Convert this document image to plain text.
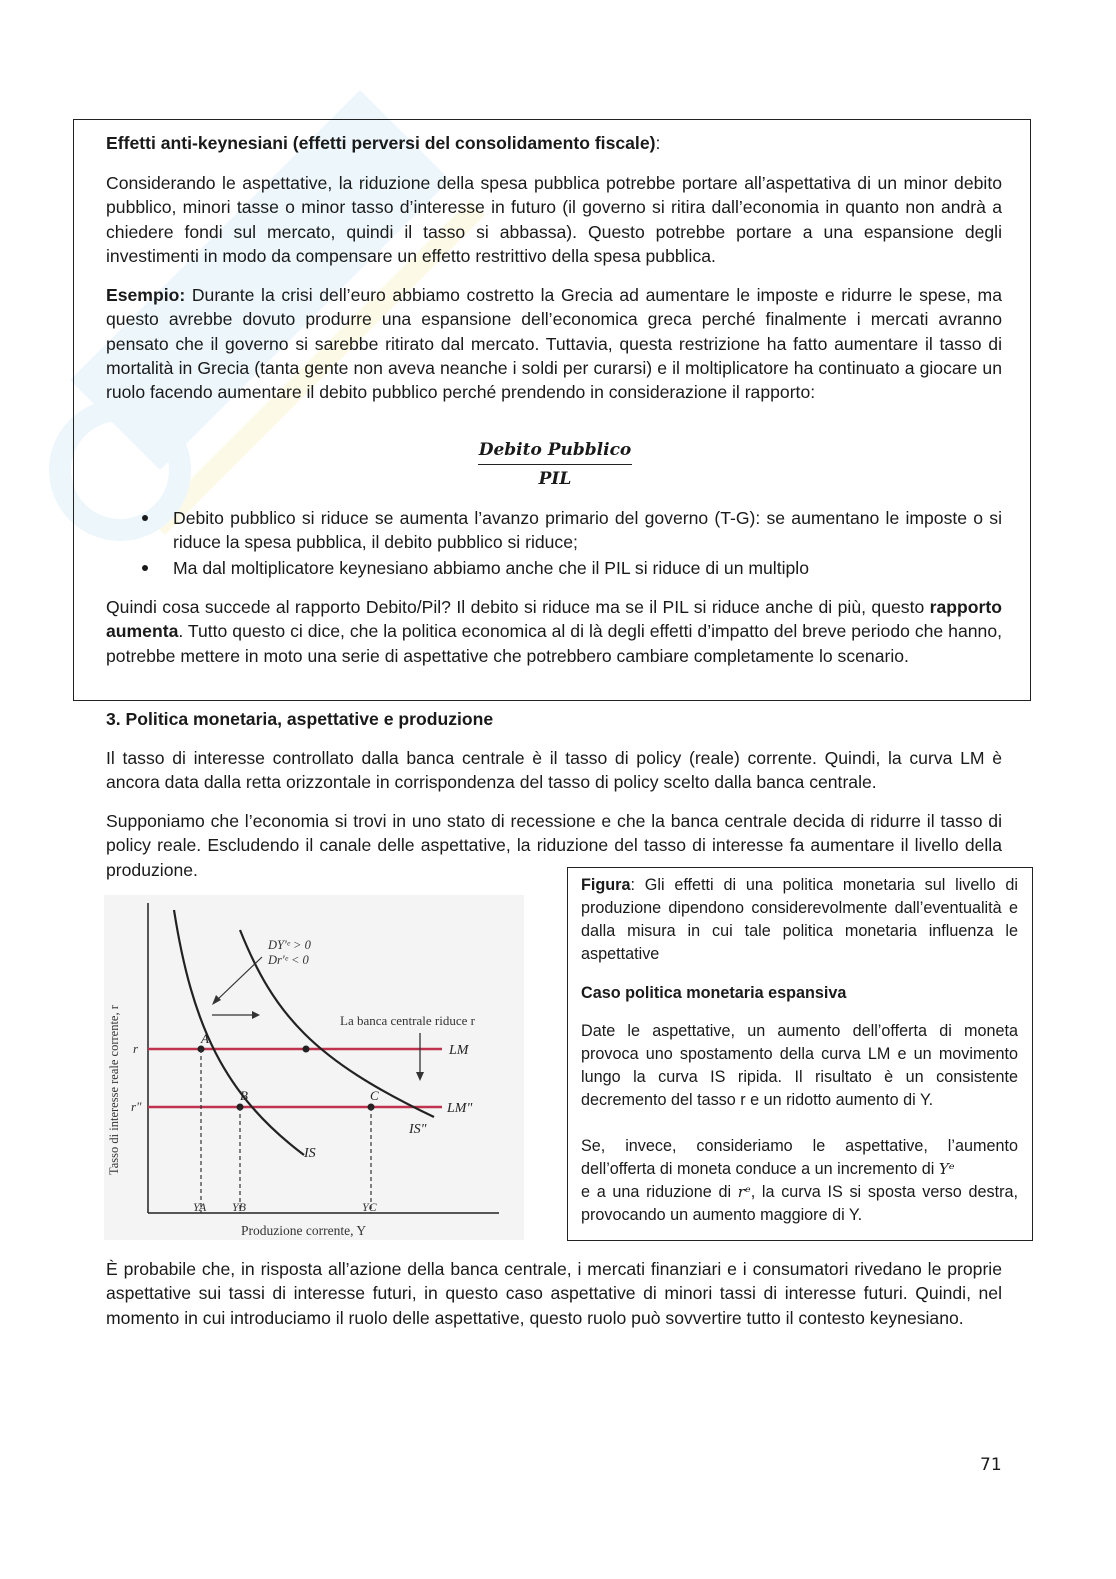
Effetti anti-keynesiani (effetti perversi del consolidamento fiscale):

Considerando le aspettative, la riduzione della spesa pubblica potrebbe portare all’aspettativa di un minor debito pubblico, minori tasse o minor tasso d’interesse in futuro (il governo si ritira dall’economia in quanto non andrà a chiedere fondi sul mercato, quindi il tasso si abbassa). Questo potrebbe portare a una espansione degli investimenti in modo da compensare un effetto restrittivo della spesa pubblica.

Esempio: Durante la crisi dell’euro abbiamo costretto la Grecia ad aumentare le imposte e ridurre le spese, ma questo avrebbe dovuto produrre una espansione dell’economica greca perché finalmente i mercati avranno pensato che il governo si sarebbe ritirato dal mercato. Tuttavia, questa restrizione ha fatto aumentare il tasso di mortalità in Grecia (tanta gente non aveva neanche i soldi per curarsi) e il moltiplicatore ha continuato a giocare un ruolo facendo aumentare il debito pubblico perché prendendo in considerazione il rapporto:

Debito Pubblico
PIL

Debito pubblico si riduce se aumenta l’avanzo primario del governo (T-G): se aumentano le imposte o si riduce la spesa pubblica, il debito pubblico si riduce;

Ma dal moltiplicatore keynesiano abbiamo anche che il PIL si riduce di un multiplo

Quindi cosa succede al rapporto Debito/Pil? Il debito si riduce ma se il PIL si riduce anche di più, questo rapporto aumenta. Tutto questo ci dice, che la politica economica al di là degli effetti d’impatto del breve periodo che hanno, potrebbe mettere in moto una serie di aspettative che potrebbero cambiare completamente lo scenario.

3. Politica monetaria, aspettative e produzione

Il tasso di interesse controllato dalla banca centrale è il tasso di policy (reale) corrente. Quindi, la curva LM è ancora data dalla retta orizzontale in corrispondenza del tasso di policy scelto dalla banca centrale.

Supponiamo che l’economia si trovi in uno stato di recessione e che la banca centrale decida di ridurre il tasso di policy reale. Escludendo il canale delle aspettative, la riduzione del tasso di interesse fa aumentare il livello della produzione.

Tasso di interesse reale corrente, r
Produzione corrente, Y
LM
LM"
IS
IS"
A
B	C
r
r"
YA YB	YC
DY'ᵉ > 0
Dr'ᵉ < 0
La banca centrale riduce r

Figura: Gli effetti di una politica monetaria sul livello di produzione dipendono considerevolmente dall’eventualità e dalla misura in cui tale politica monetaria influenza le aspettative

Caso politica monetaria espansiva

Date le aspettative, un aumento dell’offerta di moneta provoca uno spostamento della curva LM e un movimento lungo la curva IS ripida. Il risultato è un consistente decremento del tasso r e un ridotto aumento di Y.

Se, invece, consideriamo le aspettative, l’aumento dell’offerta di moneta conduce a un incremento di Yᵉ
e a una riduzione di rᵉ, la curva IS si sposta verso destra, provocando un aumento maggiore di Y.

È probabile che, in risposta all’azione della banca centrale, i mercati finanziari e i consumatori rivedano le proprie aspettative sui tassi di interesse futuri, in questo caso aspettative di minori tassi di interesse futuri. Quindi, nel momento in cui introduciamo il ruolo delle aspettative, questo ruolo può sovvertire tutto il contesto keynesiano.

71
